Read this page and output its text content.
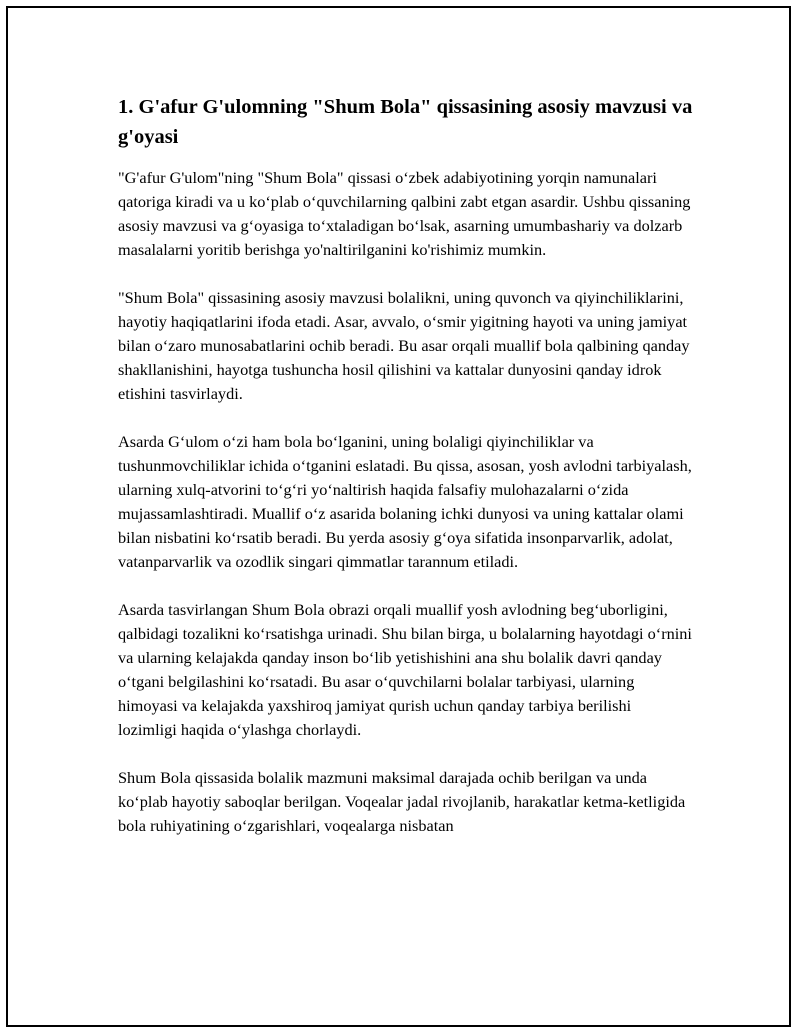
1. G'afur G'ulomning "Shum Bola" qissasining asosiy mavzusi va g'oyasi

"G'afur G'ulom"ning "Shum Bola" qissasi o‘zbek adabiyotining yorqin namunalari qatoriga kiradi va u ko‘plab o‘quvchilarning qalbini zabt etgan asardir. Ushbu qissaning asosiy mavzusi va g‘oyasiga to‘xtaladigan bo‘lsak, asarning umumbashariy va dolzarb masalalarni yoritib berishga yo'naltirilganini ko'rishimiz mumkin.

"Shum Bola" qissasining asosiy mavzusi bolalikni, uning quvonch va qiyinchiliklarini, hayotiy haqiqatlarini ifoda etadi. Asar, avvalo, o‘smir yigitning hayoti va uning jamiyat bilan o‘zaro munosabatlarini ochib beradi. Bu asar orqali muallif bola qalbining qanday shakllanishini, hayotga tushuncha hosil qilishini va kattalar dunyosini qanday idrok etishini tasvirlaydi.

Asarda G‘ulom o‘zi ham bola bo‘lganini, uning bolaligi qiyinchiliklar va tushunmovchiliklar ichida o‘tganini eslatadi. Bu qissa, asosan, yosh avlodni tarbiyalash, ularning xulq-atvorini to‘g‘ri yo‘naltirish haqida falsafiy mulohazalarni o‘zida mujassamlashtiradi. Muallif o‘z asarida bolaning ichki dunyosi va uning kattalar olami bilan nisbatini ko‘rsatib beradi. Bu yerda asosiy g‘oya sifatida insonparvarlik, adolat, vatanparvarlik va ozodlik singari qimmatlar tarannum etiladi.

Asarda tasvirlangan Shum Bola obrazi orqali muallif yosh avlodning beg‘uborligini, qalbidagi tozalikni ko‘rsatishga urinadi. Shu bilan birga, u bolalarning hayotdagi o‘rnini va ularning kelajakda qanday inson bo‘lib yetishishini ana shu bolalik davri qanday o‘tgani belgilashini ko‘rsatadi. Bu asar o‘quvchilarni bolalar tarbiyasi, ularning himoyasi va kelajakda yaxshiroq jamiyat qurish uchun qanday tarbiya berilishi lozimligi haqida o‘ylashga chorlaydi.

Shum Bola qissasida bolalik mazmuni maksimal darajada ochib berilgan va unda ko‘plab hayotiy saboqlar berilgan. Voqealar jadal rivojlanib, harakatlar ketma-ketligida bola ruhiyatining o‘zgarishlari, voqealarga nisbatan
